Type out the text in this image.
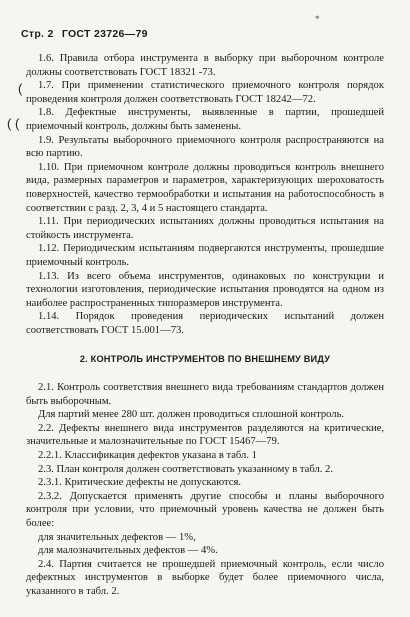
Стр. 2 ГОСТ 23726—79
*
(
( (

1.6. Правила отбора инструмента в выборку при выборочном контроле должны соответствовать ГОСТ 18321 -73.

1.7. При применении статистического приемочного контроля порядок проведения контроля должен соответствовать ГОСТ 18242—72.

1.8. Дефектные инструменты, выявленные в партии, прошедшей приемочный контроль, должны быть заменены.

1.9. Результаты выборочного приемочного контроля распространяются на всю партию.

1.10. При приемочном контроле должны проводиться контроль внешнего вида, размерных параметров и параметров, характеризующих шероховатость поверхностей, качество термообработки и испытания на работоспособность в соответствии с разд. 2, 3, 4 и 5 настоящего стандарта.

1.11. При периодических испытаниях должны проводиться испытания на стойкость инструмента.

1.12. Периодическим испытаниям подвергаются инструменты, прошедшие приемочный контроль.

1.13. Из всего объема инструментов, одинаковых по конструкции и технологии изготовления, периодические испытания проводятся на одном из наиболее распространенных типоразмеров инструмента.

1.14. Порядок проведения периодических испытаний должен соответствовать ГОСТ 15.001—73.

2. КОНТРОЛЬ ИНСТРУМЕНТОВ ПО ВНЕШНЕМУ ВИДУ

2.1. Контроль соответствия внешнего вида требованиям стандартов должен быть выборочным.

Для партий менее 280 шт. должен проводиться сплошной контроль.

2.2. Дефекты внешнего вида инструментов разделяются на критические, значительные и малозначительные по ГОСТ 15467—79.

2.2.1. Классификация дефектов указана в табл. 1

2.3. План контроля должен соответствовать указанному в табл. 2.

2.3.1. Критические дефекты не допускаются.

2.3.2. Допускается применять другие способы и планы выборочного контроля при условии, что приемочный уровень качества не должен быть более:

для значительных дефектов — 1%,

для малозначительных дефектов — 4%.

2.4. Партия считается не прошедшей приемочный контроль, если число дефектных инструментов в выборке будет более приемочного числа, указанного в табл. 2.
